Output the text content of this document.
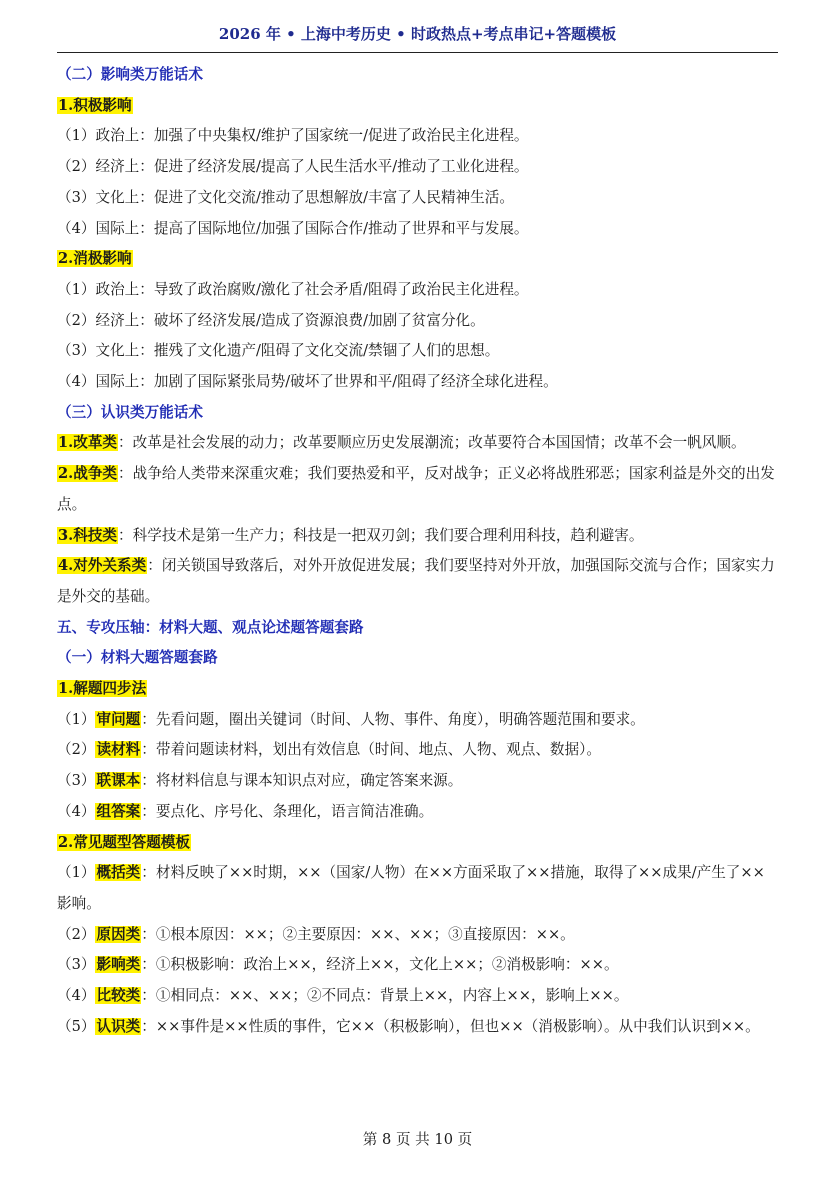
2026 年 • 上海中考历史 • 时政热点+考点串记+答题模板
（二）影响类万能话术
1.积极影响
（1）政治上：加强了中央集权/维护了国家统一/促进了政治民主化进程。
（2）经济上：促进了经济发展/提高了人民生活水平/推动了工业化进程。
（3）文化上：促进了文化交流/推动了思想解放/丰富了人民精神生活。
（4）国际上：提高了国际地位/加强了国际合作/推动了世界和平与发展。
2.消极影响
（1）政治上：导致了政治腐败/激化了社会矛盾/阻碍了政治民主化进程。
（2）经济上：破坏了经济发展/造成了资源浪费/加剧了贫富分化。
（3）文化上：摧残了文化遗产/阻碍了文化交流/禁锢了人们的思想。
（4）国际上：加剧了国际紧张局势/破坏了世界和平/阻碍了经济全球化进程。
（三）认识类万能话术
1.改革类：改革是社会发展的动力；改革要顺应历史发展潮流；改革要符合本国国情；改革不会一帆风顺。
2.战争类：战争给人类带来深重灾难；我们要热爱和平，反对战争；正义必将战胜邪恶；国家利益是外交的出发点。
3.科技类：科学技术是第一生产力；科技是一把双刃剑；我们要合理利用科技，趋利避害。
4.对外关系类：闭关锁国导致落后，对外开放促进发展；我们要坚持对外开放，加强国际交流与合作；国家实力是外交的基础。
五、专攻压轴：材料大题、观点论述题答题套路
（一）材料大题答题套路
1.解题四步法
（1）审问题：先看问题，圈出关键词（时间、人物、事件、角度），明确答题范围和要求。
（2）读材料：带着问题读材料，划出有效信息（时间、地点、人物、观点、数据）。
（3）联课本：将材料信息与课本知识点对应，确定答案来源。
（4）组答案：要点化、序号化、条理化，语言简洁准确。
2.常见题型答题模板
（1）概括类：材料反映了××时期，××（国家/人物）在××方面采取了××措施，取得了××成果/产生了××影响。
（2）原因类：①根本原因：××；②主要原因：××、××；③直接原因：××。
（3）影响类：①积极影响：政治上××，经济上××，文化上××；②消极影响：××。
（4）比较类：①相同点：××、××；②不同点：背景上××，内容上××，影响上××。
（5）认识类：××事件是××性质的事件，它××（积极影响），但也××（消极影响）。从中我们认识到××。
第 8 页 共 10 页
